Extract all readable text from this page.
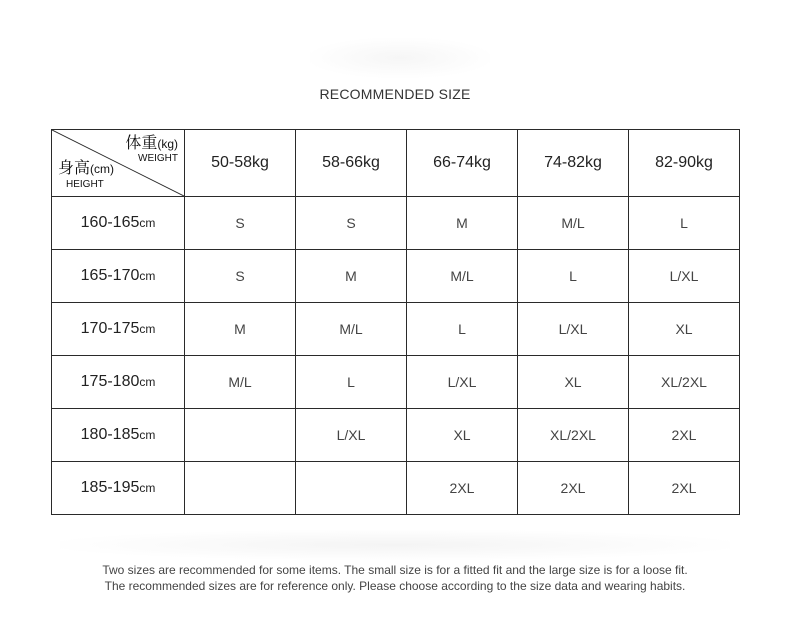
RECOMMENDED SIZE
体重(kg)
WEIGHT
身高(cm)
HEIGHT	50-58kg	58-66kg	66-74kg	74-82kg	82-90kg
160-165cm	S	S	M	M/L	L
165-170cm	S	M	M/L	L	L/XL
170-175cm	M	M/L	L	L/XL	XL
175-180cm	M/L	L	L/XL	XL	XL/2XL
180-185cm		L/XL	XL	XL/2XL	2XL
185-195cm			2XL	2XL	2XL
Two sizes are recommended for some items. The small size is for a fitted fit and the large size is for a loose fit.
The recommended sizes are for reference only. Please choose according to the size data and wearing habits.
